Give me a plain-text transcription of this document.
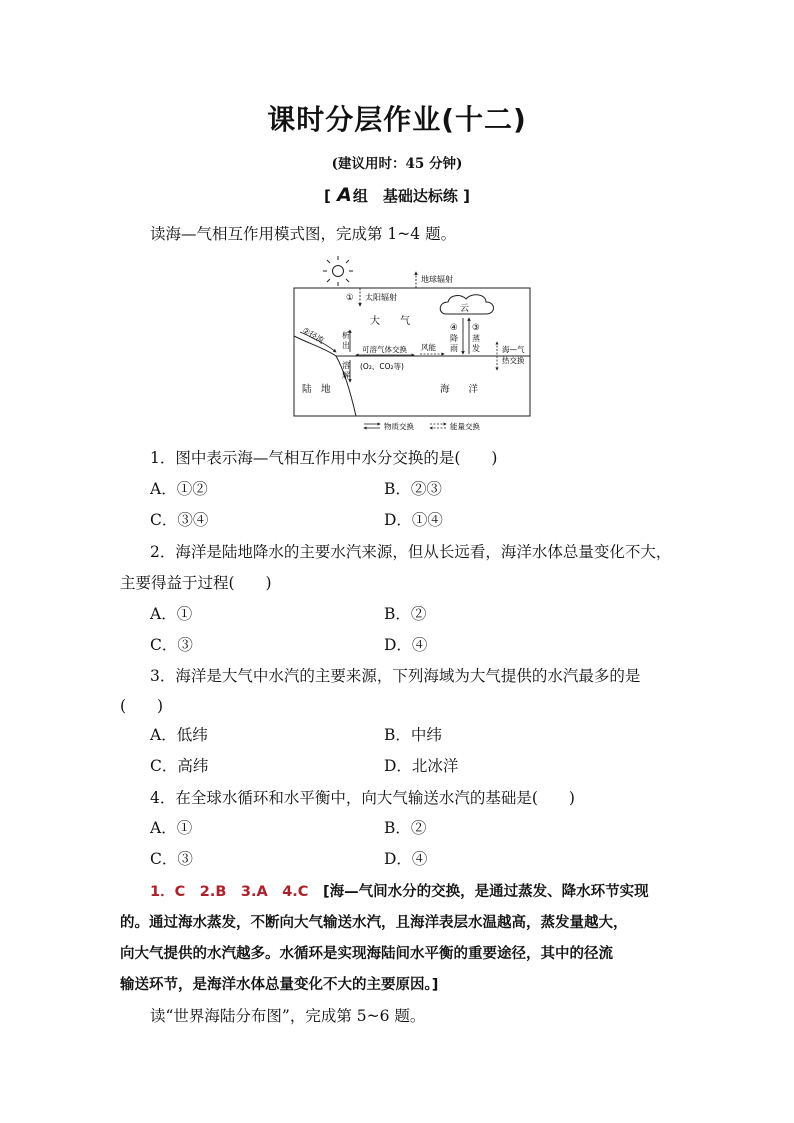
课时分层作业(十二)
(建议用时：45 分钟)
[ A组　基础达标练 ]
读海—气相互作用模式图，完成第 1~4 题。
地球辐射
① 太阳辐射
云
大　　气
②径流 析
出
溶
解
可溶气体交换
(O₂、CO₂等)
风能
④
降
雨
③
蒸
发	海—气
热交换
陆　地	海　　洋
物质交换	能量交换
1．图中表示海—气相互作用中水分交换的是(　　)
A．①②	B．②③
C．③④	D．①④
2．海洋是陆地降水的主要水汽来源，但从长远看，海洋水体总量变化不大，
主要得益于过程(　　)
A．①	B．②
C．③	D．④
3．海洋是大气中水汽的主要来源，下列海域为大气提供的水汽最多的是
(　　)
A．低纬	B．中纬
C．高纬	D．北冰洋
4．在全球水循环和水平衡中，向大气输送水汽的基础是(　　)
A．①	B．②
C．③	D．④
1．C　2.B　3.A　4.C　[海—气间水分的交换，是通过蒸发、降水环节实现
的。通过海水蒸发，不断向大气输送水汽，且海洋表层水温越高，蒸发量越大，
向大气提供的水汽越多。水循环是实现海陆间水平衡的重要途径，其中的径流
输送环节，是海洋水体总量变化不大的主要原因。]
读“世界海陆分布图”，完成第 5~6 题。
